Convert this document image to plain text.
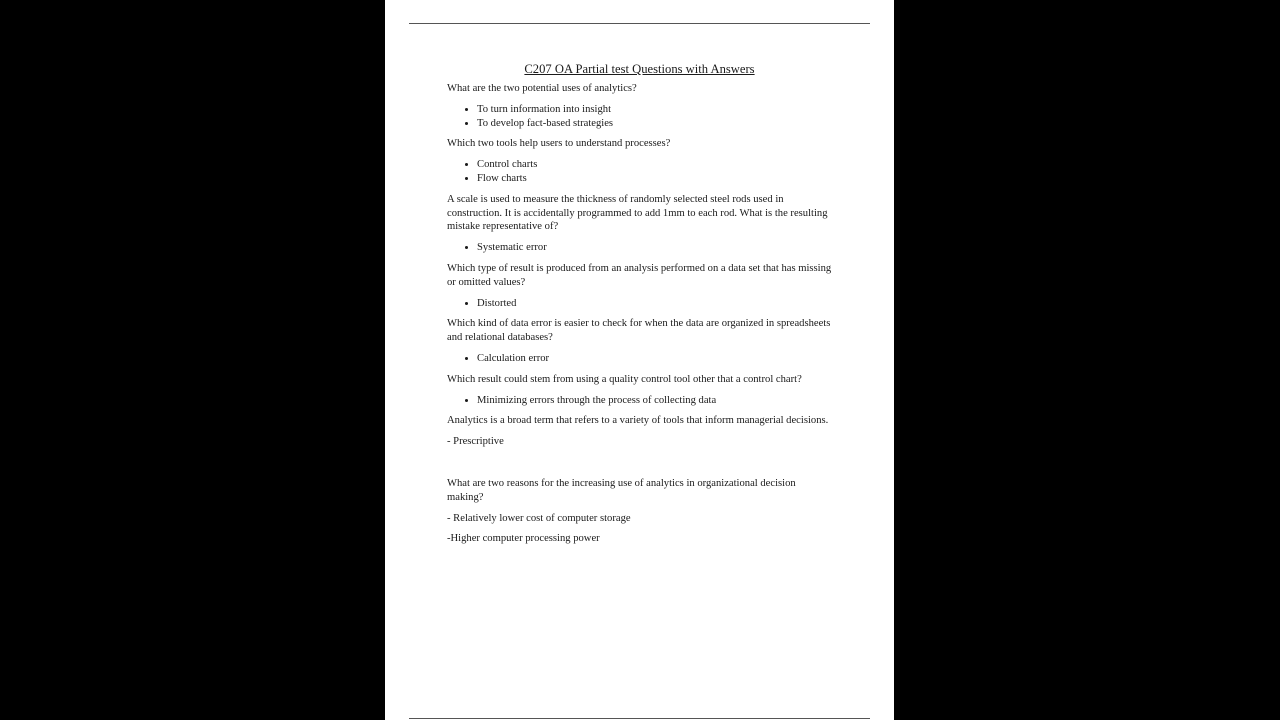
C207 OA Partial test Questions with Answers
What are the two potential uses of analytics?
• To turn information into insight
• To develop fact-based strategies
Which two tools help users to understand processes?
• Control charts
• Flow charts
A scale is used to measure the thickness of randomly selected steel rods used in construction. It is accidentally programmed to add 1mm to each rod. What is the resulting mistake representative of?
• Systematic error
Which type of result is produced from an analysis performed on a data set that has missing or omitted values?
• Distorted
Which kind of data error is easier to check for when the data are organized in spreadsheets and relational databases?
• Calculation error
Which result could stem from using a quality control tool other that a control chart?
• Minimizing errors through the process of collecting data
Analytics is a broad term that refers to a variety of tools that inform managerial decisions.
- Prescriptive
What are two reasons for the increasing use of analytics in organizational decision making?
- Relatively lower cost of computer storage
-Higher computer processing power
